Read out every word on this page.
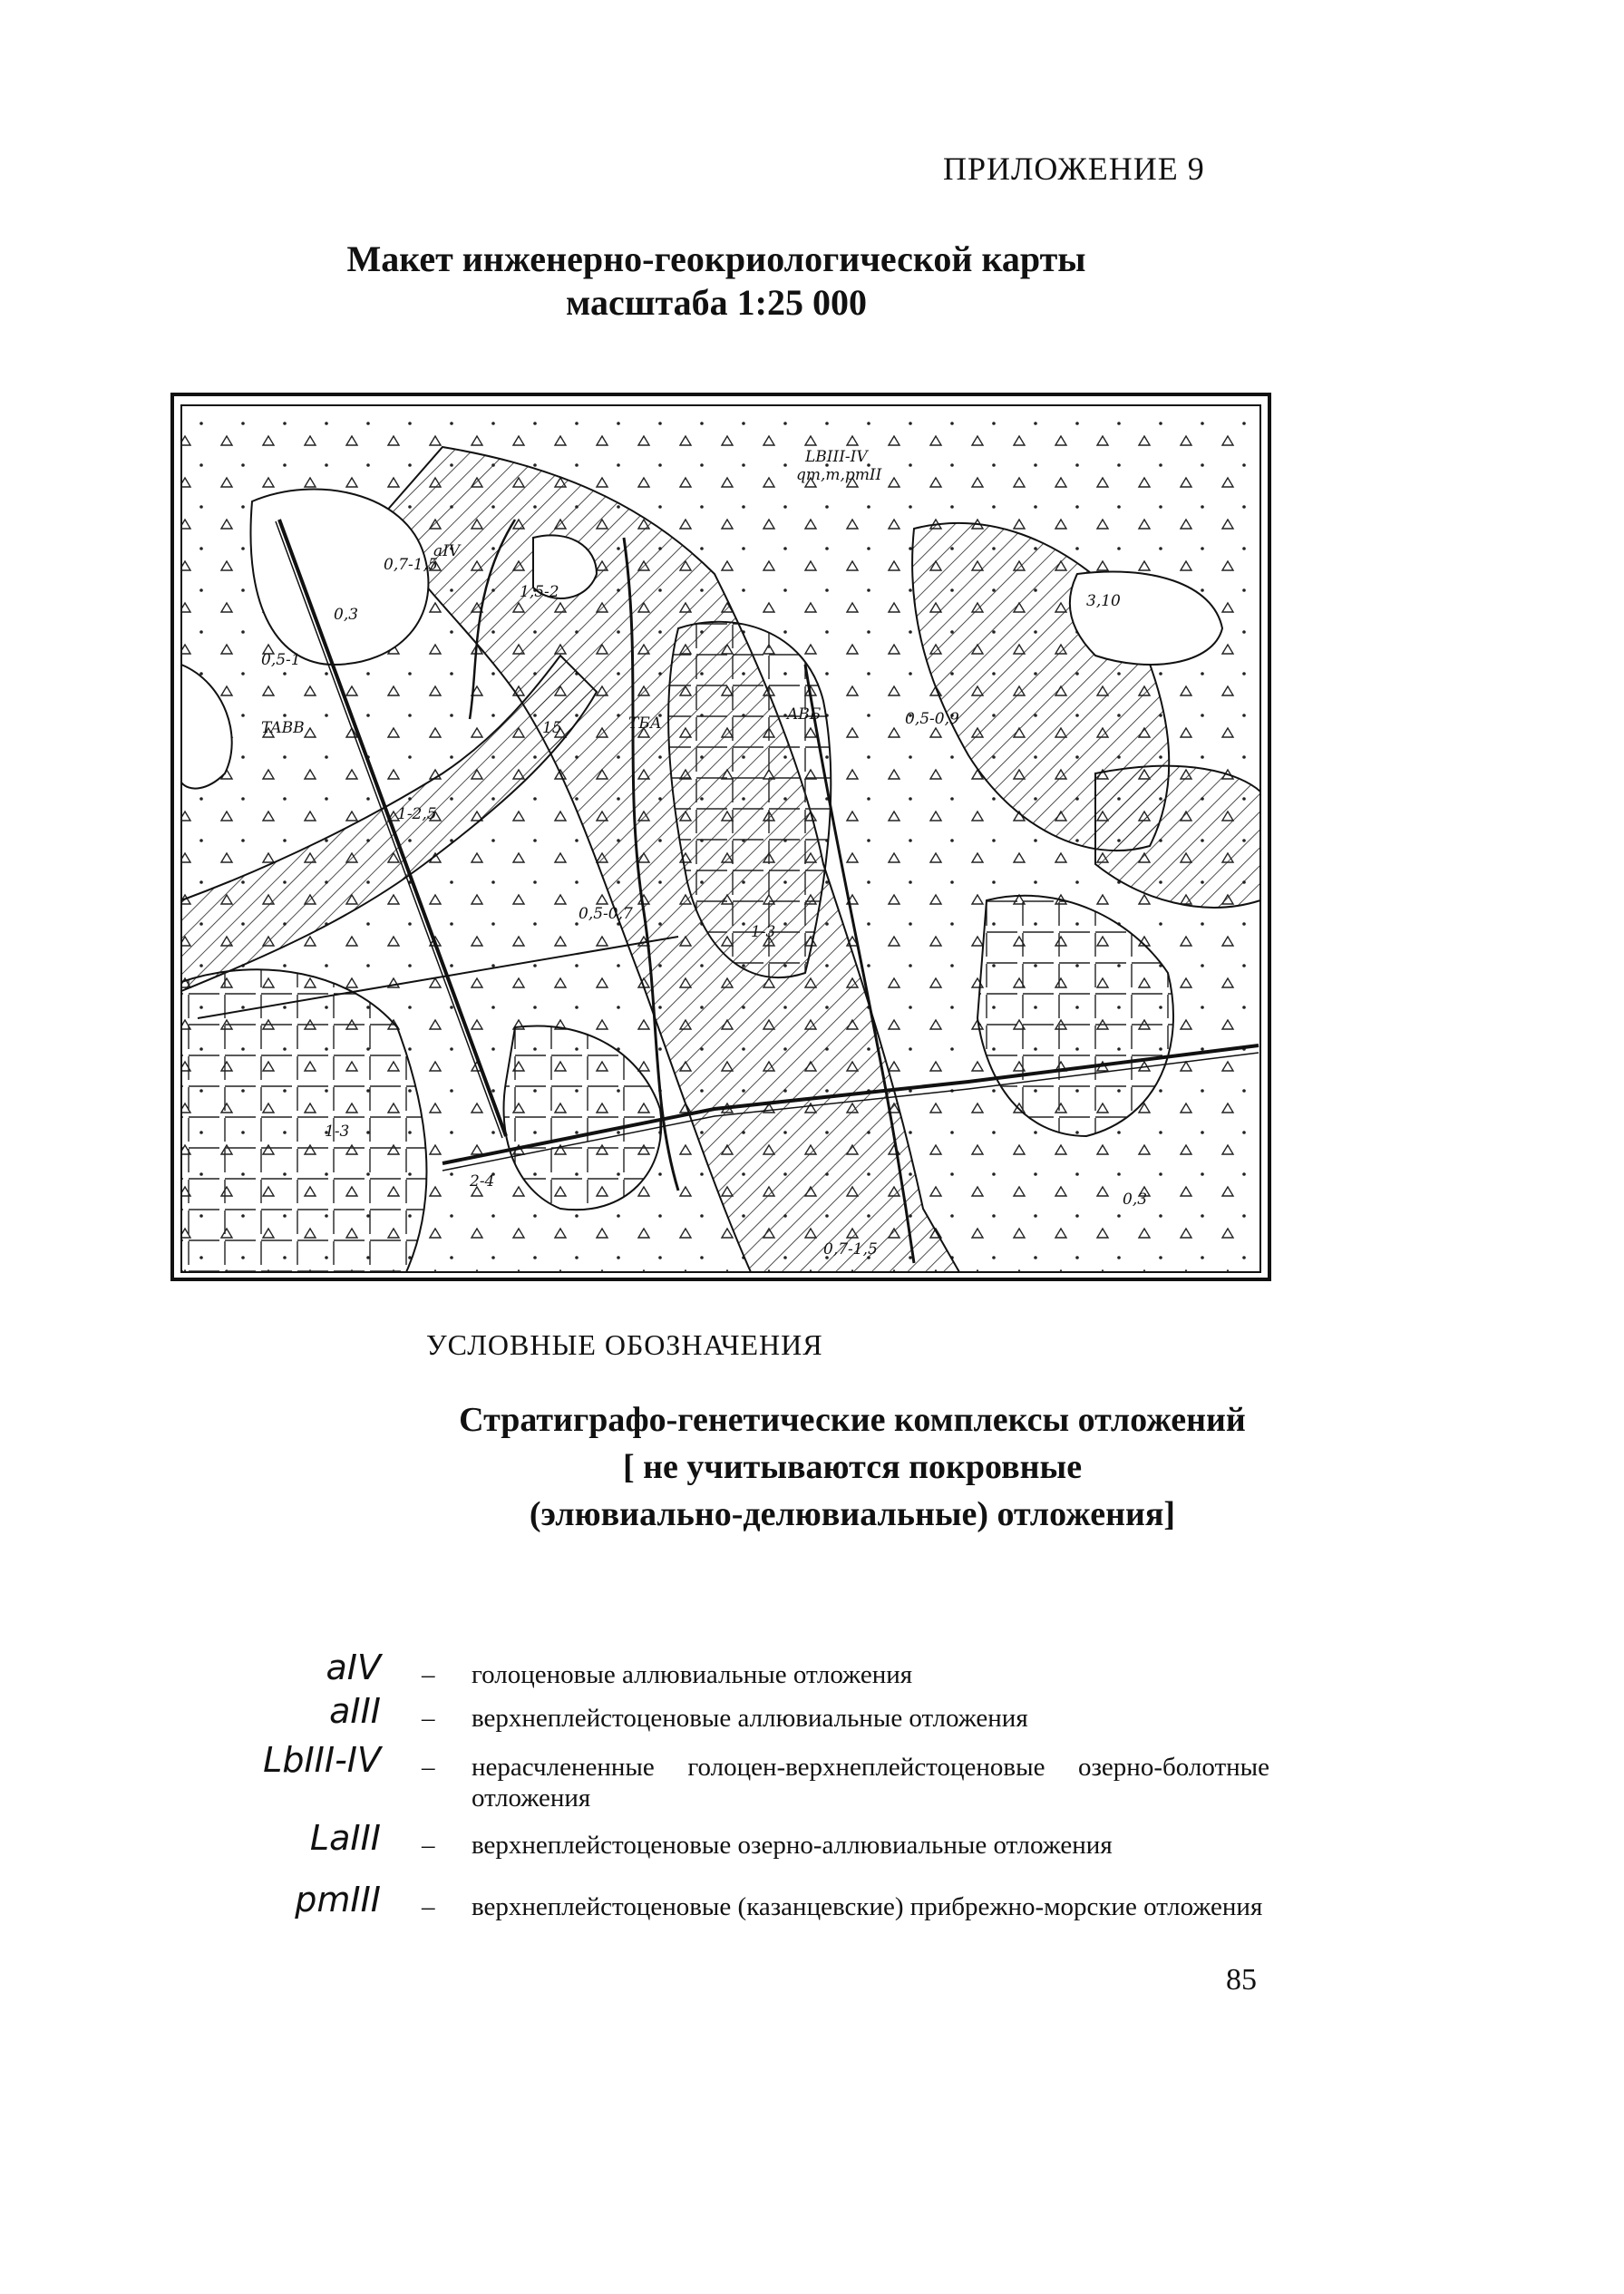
ПРИЛОЖЕНИЕ 9
Макет инженерно-геокриологической карты
масштаба 1:25 000
LBIII-IV
qm,m,pmII
0,3
0,5-1
0,7-1,5
TABB
1-3
1,5-2
0,5-0,9
15
1-2,5
aIV
TБА
0,5-0,7
ABБ
3,10
1-3
2-4
0,3
0,7-1,5
УСЛОВНЫЕ ОБОЗНАЧЕНИЯ
Стратиграфо-генетические комплексы отложений
[ не учитываются покровные
(элювиально-делювиальные) отложения]
aIV – голоценовые аллювиальные отложения
aIII – верхнеплейстоценовые аллювиальные отложения
LbIII-IV – нерасчлененные голоцен-верхнеплейстоценовые озерно-болотные отложения
LaIII – верхнеплейстоценовые озерно-аллювиальные отложения
pmIII – верхнеплейстоценовые (казанцевские) прибрежно-морские отложения
85
